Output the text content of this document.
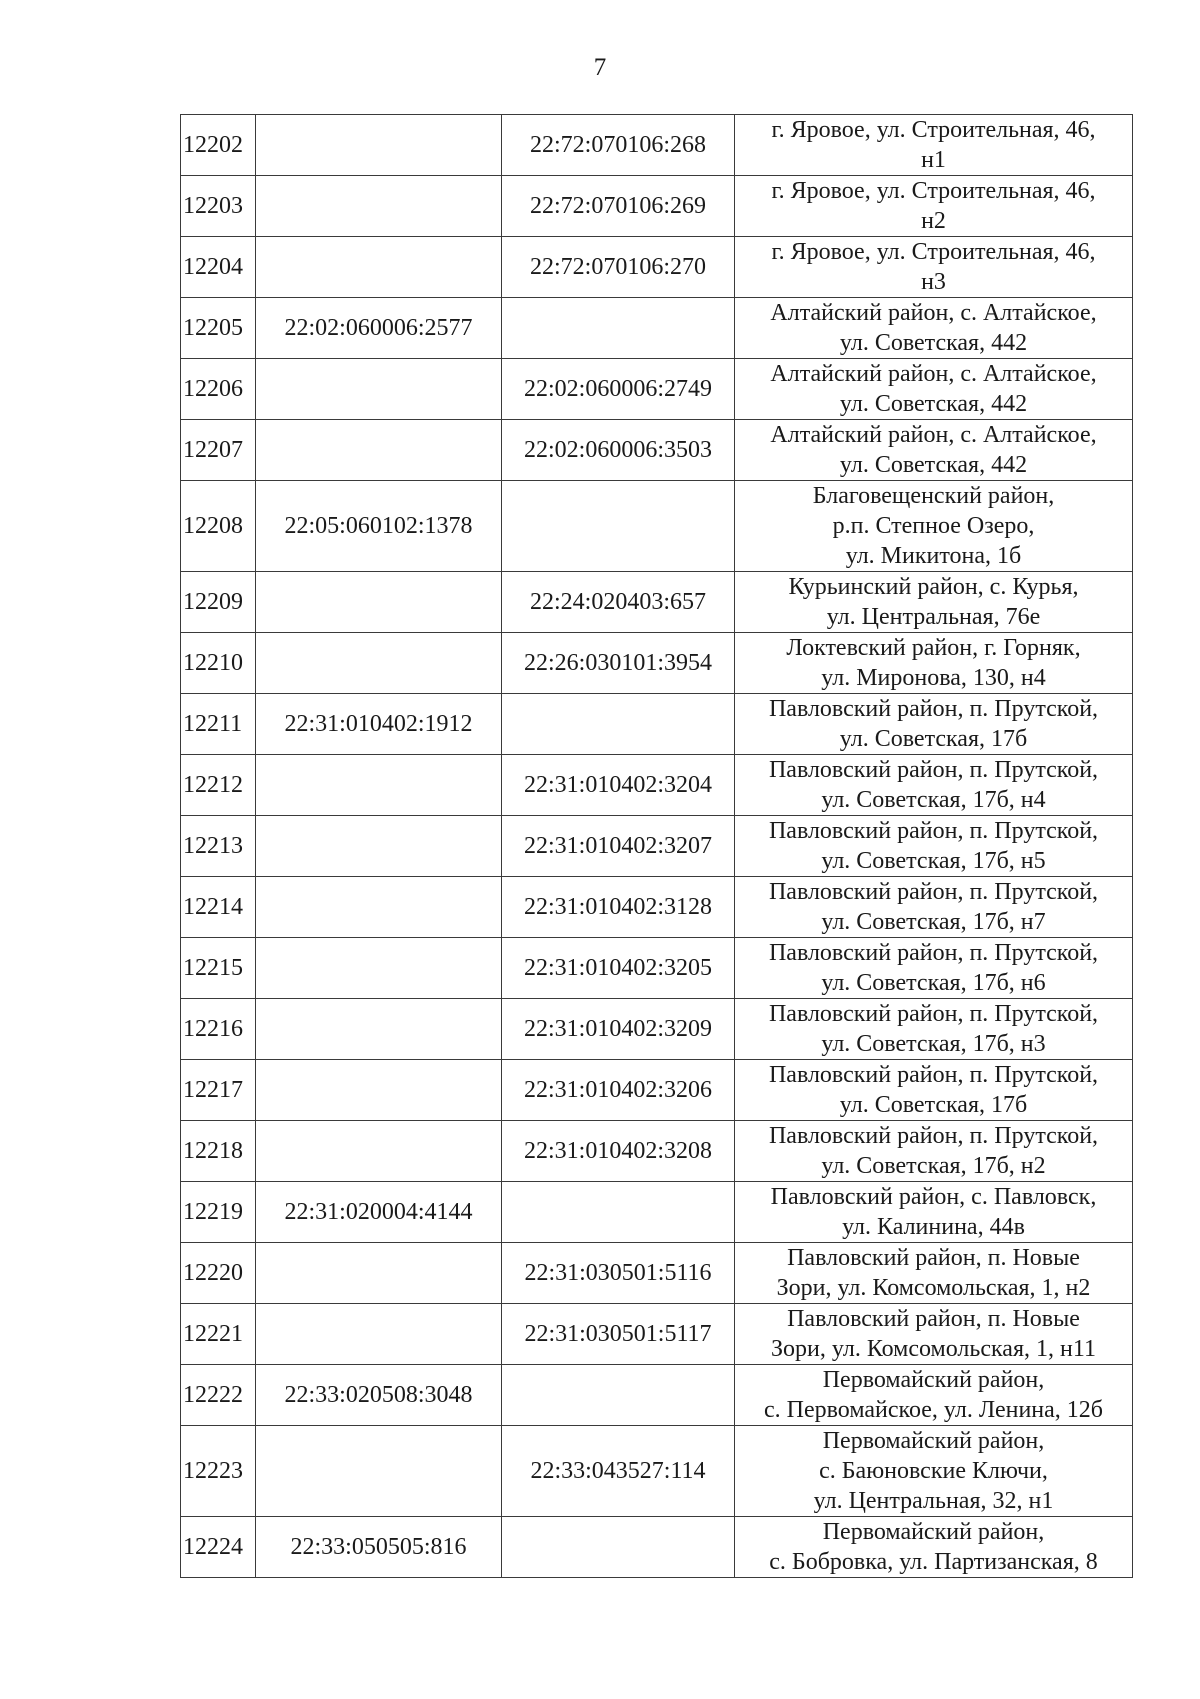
7
12202		22:72:070106:268	г. Яровое, ул. Строительная, 46,
н1

12203		22:72:070106:269	г. Яровое, ул. Строительная, 46,
н2

12204		22:72:070106:270	г. Яровое, ул. Строительная, 46,
н3

12205	22:02:060006:2577		Алтайский район, с. Алтайское,
ул. Советская, 442

12206		22:02:060006:2749	Алтайский район, с. Алтайское,
ул. Советская, 442

12207		22:02:060006:3503	Алтайский район, с. Алтайское,
ул. Советская, 442

12208	22:05:060102:1378		Благовещенский район,
р.п. Степное Озеро,
ул. Микитона, 1б

12209		22:24:020403:657	Курьинский район, с. Курья,
ул. Центральная, 76е

12210		22:26:030101:3954	Локтевский район, г. Горняк,
ул. Миронова, 130, н4

12211	22:31:010402:1912		Павловский район, п. Прутской,
ул. Советская, 17б

12212		22:31:010402:3204	Павловский район, п. Прутской,
ул. Советская, 17б, н4

12213		22:31:010402:3207	Павловский район, п. Прутской,
ул. Советская, 17б, н5

12214		22:31:010402:3128	Павловский район, п. Прутской,
ул. Советская, 17б, н7

12215		22:31:010402:3205	Павловский район, п. Прутской,
ул. Советская, 17б, н6

12216		22:31:010402:3209	Павловский район, п. Прутской,
ул. Советская, 17б, н3

12217		22:31:010402:3206	Павловский район, п. Прутской,
ул. Советская, 17б

12218		22:31:010402:3208	Павловский район, п. Прутской,
ул. Советская, 17б, н2

12219	22:31:020004:4144		Павловский район, с. Павловск,
ул. Калинина, 44в

12220		22:31:030501:5116	Павловский район, п. Новые
Зори, ул. Комсомольская, 1, н2

12221		22:31:030501:5117	Павловский район, п. Новые
Зори, ул. Комсомольская, 1, н11

12222	22:33:020508:3048		Первомайский район,
с. Первомайское, ул. Ленина, 12б

12223		22:33:043527:114	Первомайский район,
с. Баюновские Ключи,
ул. Центральная, 32, н1

12224	22:33:050505:816		Первомайский район,
с. Бобровка, ул. Партизанская, 8
